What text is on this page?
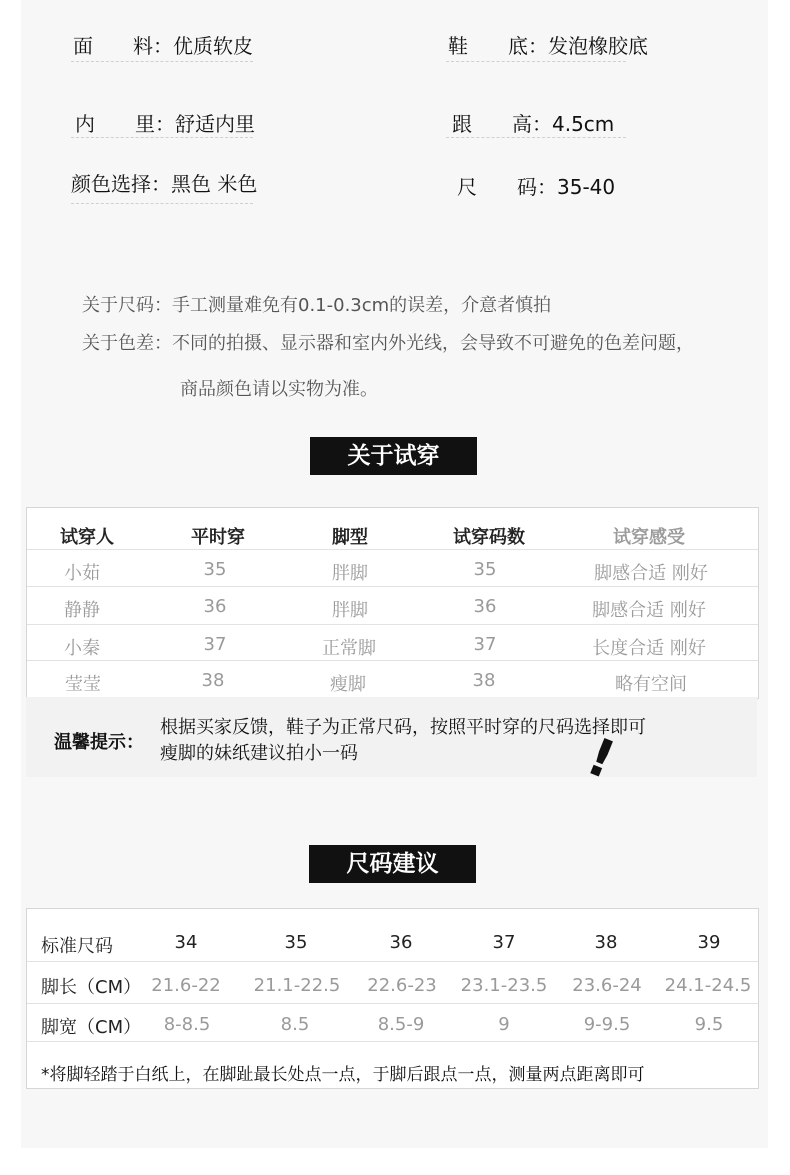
面　　料：优质软皮	鞋　　底：发泡橡胶底
内　　里：舒适内里	跟　　高：4.5cm
颜色选择：黑色 米色	尺　　码：35-40
关于尺码：手工测量难免有0.1-0.3cm的误差，介意者慎拍
关于色差：不同的拍摄、显示器和室内外光线，会导致不可避免的色差问题，
商品颜色请以实物为准。
关于试穿
试穿人	平时穿	脚型	试穿码数	试穿感受
小茹	35	胖脚	35	脚感合适 刚好
静静	36	胖脚	36	脚感合适 刚好
小秦	37	正常脚	37	长度合适 刚好
莹莹	38	瘦脚	38	略有空间
温馨提示：
根据买家反馈，鞋子为正常尺码，按照平时穿的尺码选择即可
瘦脚的妹纸建议拍小一码	!
尺码建议
标准尺码	34	35	36	37	38	39
脚长（CM） 21.6-22 21.1-22.5 22.6-23 23.1-23.5 23.6-24 24.1-24.5
脚宽（CM） 8-8.5	8.5	8.5-9	9	9-9.5	9.5
*将脚轻踏于白纸上，在脚趾最长处点一点，于脚后跟点一点，测量两点距离即可
